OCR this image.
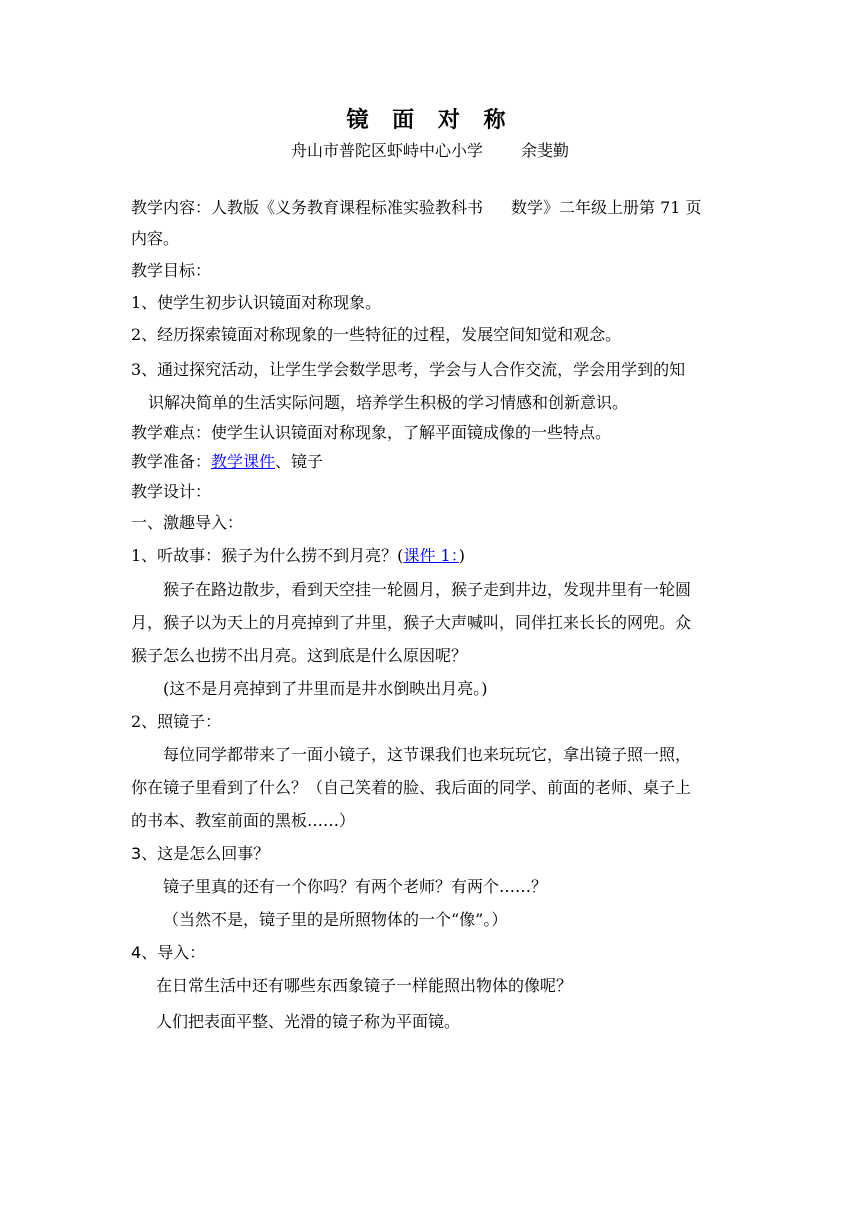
镜 面 对 称
舟山市普陀区虾峙中心小学 余斐勤
教学内容：人教版《义务教育课程标准实验教科书 数学》二年级上册第 71 页
内容。
教学目标：
1、使学生初步认识镜面对称现象。
2、经历探索镜面对称现象的一些特征的过程，发展空间知觉和观念。
3、通过探究活动，让学生学会数学思考，学会与人合作交流，学会用学到的知
识解决简单的生活实际问题，培养学生积极的学习情感和创新意识。
教学难点：使学生认识镜面对称现象，了解平面镜成像的一些特点。
教学准备：教学课件、镜子
教学设计：
一、激趣导入：
1、听故事：猴子为什么捞不到月亮？(课件 1：)
猴子在路边散步，看到天空挂一轮圆月，猴子走到井边，发现井里有一轮圆
月，猴子以为天上的月亮掉到了井里，猴子大声喊叫，同伴扛来长长的网兜。众
猴子怎么也捞不出月亮。这到底是什么原因呢？
(这不是月亮掉到了井里而是井水倒映出月亮。)
2、照镜子：
每位同学都带来了一面小镜子，这节课我们也来玩玩它，拿出镜子照一照，
你在镜子里看到了什么？（自己笑着的脸、我后面的同学、前面的老师、桌子上
的书本、教室前面的黑板……）
3、这是怎么回事？
镜子里真的还有一个你吗？有两个老师？有两个……？
（当然不是，镜子里的是所照物体的一个“像”。）
4、导入：
在日常生活中还有哪些东西象镜子一样能照出物体的像呢？
人们把表面平整、光滑的镜子称为平面镜。
